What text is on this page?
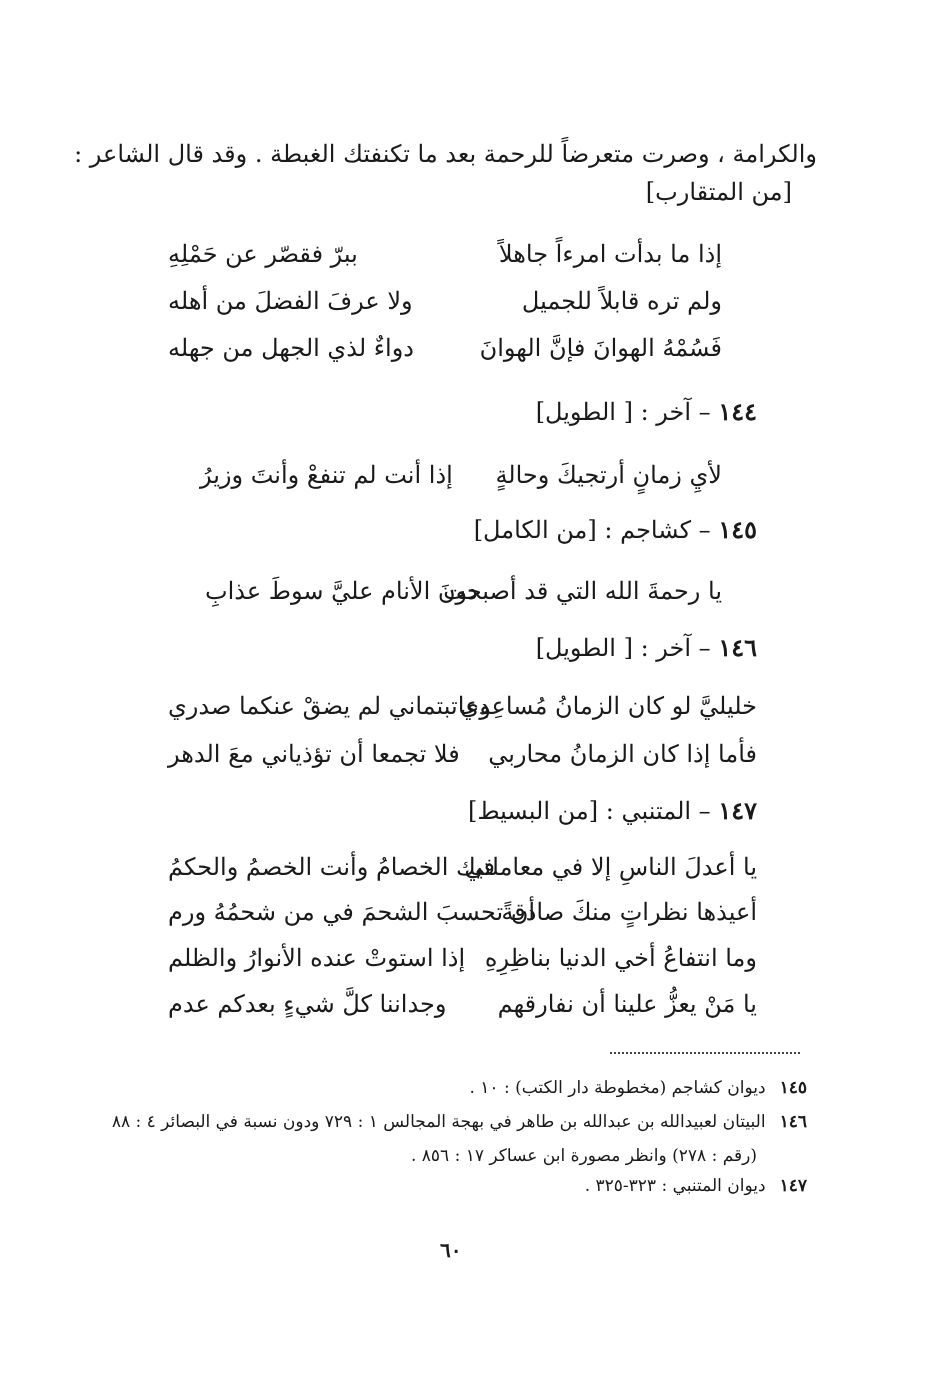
والكرامة ، وصرت متعرضاً للرحمة بعد ما تكنفتك الغبطة . وقد قال الشاعر :
[من المتقارب]
إذا ما بدأت امرءاً جاهلاً
ببرّ فقصّر عن حَمْلِهِ
ولم تره قابلاً للجميل
ولا عرفَ الفضلَ من أهله
فَسُمْهُ الهوانَ فإنَّ الهوانَ
دواءٌ لذي الجهل من جهله
١٤٤ – آخر : [ الطويل]
لأيِ زمانٍ أرتجيكَ وحالةٍ
إذا أنت لم تنفعْ وأنتَ وزيرُ
١٤٥ – كشاجم : [من الكامل]
يا رحمةَ الله التي قد أصبحت
دونَ الأنام عليَّ سوطَ عذابِ
١٤٦ – آخر : [ الطويل]
خليليَّ لو كان الزمانُ مُساعِدِي
وعاتبتماني لم يضقْ عنكما صدري
فأما إذا كان الزمانُ محاربي
فلا تجمعا أن تؤذياني معَ الدهر
١٤٧ – المتنبي : [من البسيط]
يا أعدلَ الناسِ إلا في معاملتي
فيك الخصامُ وأنت الخصمُ والحكمُ
أعيذها نظراتٍ منكَ صادقةً
أن تحسبَ الشحمَ في من شحمُهُ ورم
وما انتفاعُ أخي الدنيا بناظِرِهِ
إذا استوتْ عنده الأنوارُ والظلم
يا مَنْ يعزُّ علينا أن نفارقهم
وجداننا كلَّ شيءٍ بعدكم عدم
١٤٥ديوان كشاجم (مخطوطة دار الكتب) : ١٠ .
١٤٦البيتان لعبيدالله بن عبدالله بن طاهر في بهجة المجالس ١ : ٧٢٩ ودون نسبة في البصائر ٤ : ٨٨
(رقم : ٢٧٨) وانظر مصورة ابن عساكر ١٧ : ٨٥٦ .
١٤٧ديوان المتنبي : ٣٢٣-٣٢٥ .
٦٠
